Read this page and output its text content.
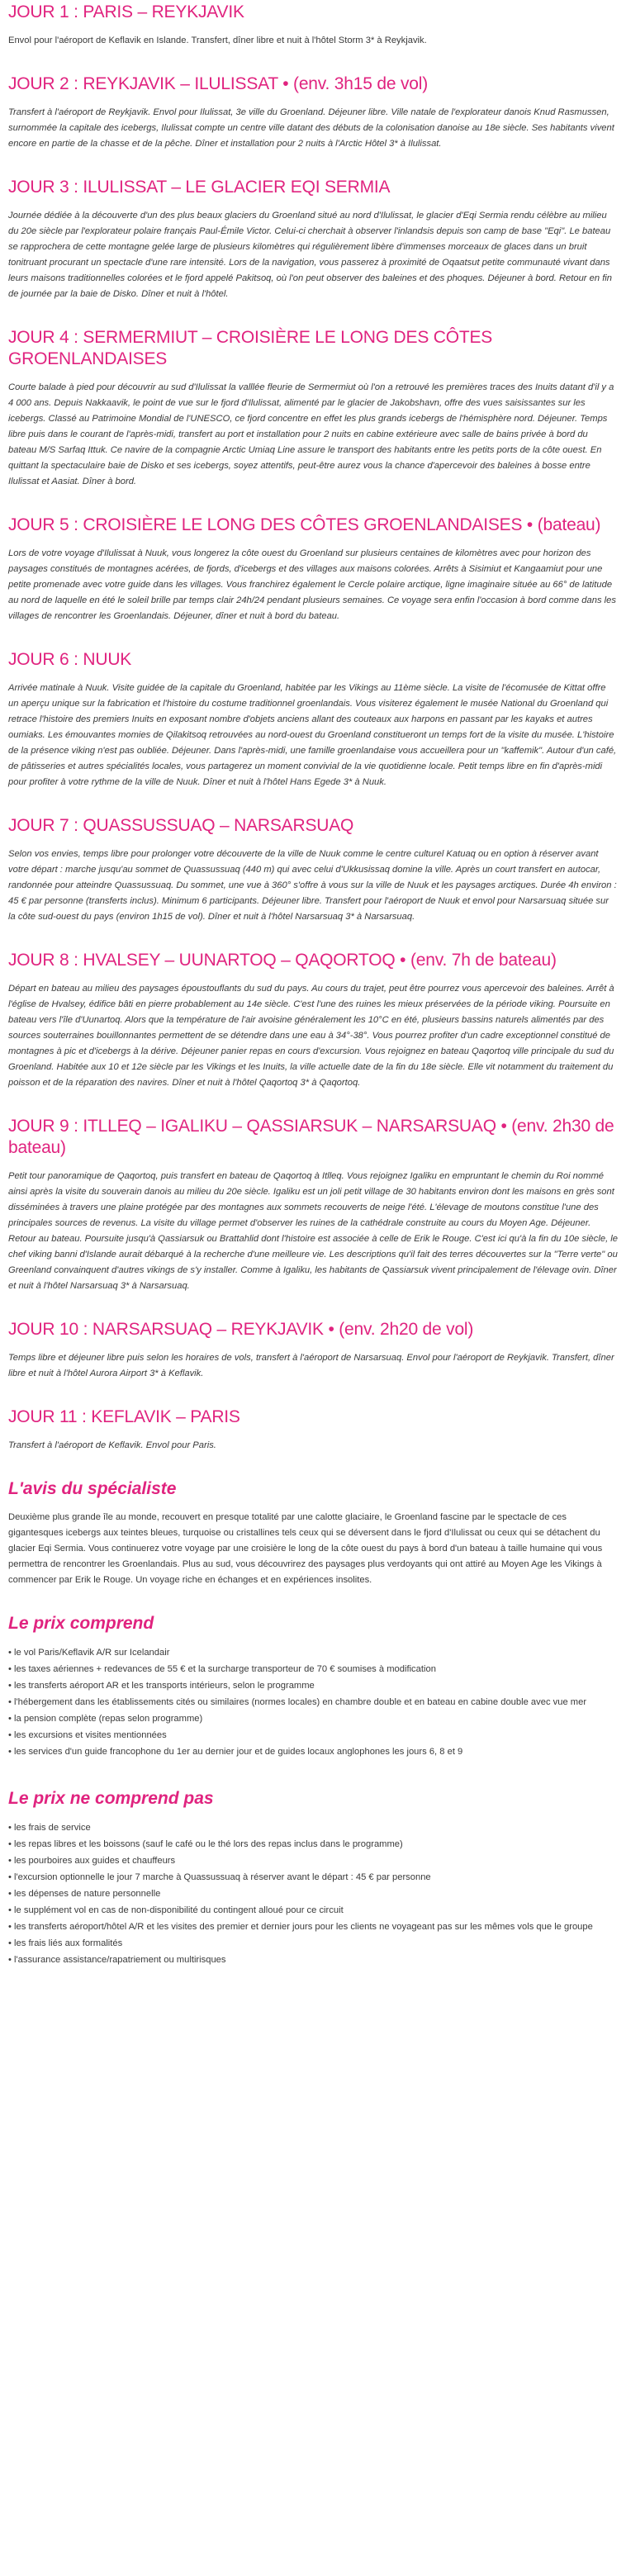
JOUR 1 : PARIS – REYKJAVIK

Envol pour l'aéroport de Keflavik en Islande. Transfert, dîner libre et nuit à l'hôtel Storm 3* à Reykjavik.

JOUR 2 : REYKJAVIK – ILULISSAT • (env. 3h15 de vol)

Transfert à l'aéroport de Reykjavik. Envol pour Ilulissat, 3e ville du Groenland. Déjeuner libre. Ville natale de l'explorateur danois Knud Rasmussen, surnommée la capitale des icebergs, Ilulissat compte un centre ville datant des débuts de la colonisation danoise au 18e siècle. Ses habitants vivent encore en partie de la chasse et de la pêche. Dîner et installation pour 2 nuits à l'Arctic Hôtel 3* à Ilulissat.

JOUR 3 : ILULISSAT – LE GLACIER EQI SERMIA

Journée dédiée à la découverte d'un des plus beaux glaciers du Groenland situé au nord d'Ilulissat, le glacier d'Eqi Sermia rendu célèbre au milieu du 20e siècle par l'explorateur polaire français Paul-Émile Victor. Celui-ci cherchait à observer l'inlandsis depuis son camp de base "Eqi". Le bateau se rapprochera de cette montagne gelée large de plusieurs kilomètres qui régulièrement libère d'immenses morceaux de glaces dans un bruit tonitruant procurant un spectacle d'une rare intensité. Lors de la navigation, vous passerez à proximité de Oqaatsut petite communauté vivant dans leurs maisons traditionnelles colorées et le fjord appelé Pakitsoq, où l'on peut observer des baleines et des phoques. Déjeuner à bord. Retour en fin de journée par la baie de Disko. Dîner et nuit à l'hôtel.

JOUR 4 : SERMERMIUT – CROISIÈRE LE LONG DES CÔTES GROENLANDAISES

Courte balade à pied pour découvrir au sud d'Ilulissat la valllée fleurie de Sermermiut où l'on a retrouvé les premières traces des Inuits datant d'il y a 4 000 ans. Depuis Nakkaavik, le point de vue sur le fjord d'Ilulissat, alimenté par le glacier de Jakobshavn, offre des vues saisissantes sur les icebergs. Classé au Patrimoine Mondial de l'UNESCO, ce fjord concentre en effet les plus grands icebergs de l'hémisphère nord. Déjeuner. Temps libre puis dans le courant de l'après-midi, transfert au port et installation pour 2 nuits en cabine extérieure avec salle de bains privée à bord du bateau M/S Sarfaq Ittuk. Ce navire de la compagnie Arctic Umiaq Line assure le transport des habitants entre les petits ports de la côte ouest. En quittant la spectaculaire baie de Disko et ses icebergs, soyez attentifs, peut-être aurez vous la chance d'apercevoir des baleines à bosse entre Ilulissat et Aasiat. Dîner à bord.

JOUR 5 : CROISIÈRE LE LONG DES CÔTES GROENLANDAISES • (bateau)

Lors de votre voyage d'Ilulissat à Nuuk, vous longerez la côte ouest du Groenland sur plusieurs centaines de kilomètres avec pour horizon des paysages constitués de montagnes acérées, de fjords, d'icebergs et des villages aux maisons colorées. Arrêts à Sisimiut et Kangaamiut pour une petite promenade avec votre guide dans les villages. Vous franchirez également le Cercle polaire arctique, ligne imaginaire située au 66° de latitude au nord de laquelle en été le soleil brille par temps clair 24h/24 pendant plusieurs semaines. Ce voyage sera enfin l'occasion à bord comme dans les villages de rencontrer les Groenlandais. Déjeuner, dîner et nuit à bord du bateau.

JOUR 6 : NUUK

Arrivée matinale à Nuuk. Visite guidée de la capitale du Groenland, habitée par les Vikings au 11ème siècle. La visite de l'écomusée de Kittat offre un aperçu unique sur la fabrication et l'histoire du costume traditionnel groenlandais. Vous visiterez également le musée National du Groenland qui retrace l'histoire des premiers Inuits en exposant nombre d'objets anciens allant des couteaux aux harpons en passant par les kayaks et autres oumiaks. Les émouvantes momies de Qilakitsoq retrouvées au nord-ouest du Groenland constitueront un temps fort de la visite du musée. L'histoire de la présence viking n'est pas oubliée. Déjeuner. Dans l'après-midi, une famille groenlandaise vous accueillera pour un "kaffemik". Autour d'un café, de pâtisseries et autres spécialités locales, vous partagerez un moment convivial de la vie quotidienne locale. Petit temps libre en fin d'après-midi pour profiter à votre rythme de la ville de Nuuk. Dîner et nuit à l'hôtel Hans Egede 3* à Nuuk.

JOUR 7 : QUASSUSSUAQ – NARSARSUAQ

Selon vos envies, temps libre pour prolonger votre découverte de la ville de Nuuk comme le centre culturel Katuaq ou en option à réserver avant votre départ : marche jusqu'au sommet de Quassussuaq (440 m) qui avec celui d'Ukkusissaq domine la ville. Après un court transfert en autocar, randonnée pour atteindre Quassussuaq. Du sommet, une vue à 360° s'offre à vous sur la ville de Nuuk et les paysages arctiques. Durée 4h environ : 45 € par personne (transferts inclus). Minimum 6 participants. Déjeuner libre. Transfert pour l'aéroport de Nuuk et envol pour Narsarsuaq située sur la côte sud-ouest du pays (environ 1h15 de vol). Dîner et nuit à l'hôtel Narsarsuaq 3* à Narsarsuaq.

JOUR 8 : HVALSEY – UUNARTOQ – QAQORTOQ • (env. 7h de bateau)

Départ en bateau au milieu des paysages époustouflants du sud du pays. Au cours du trajet, peut être pourrez vous apercevoir des baleines. Arrêt à l'église de Hvalsey, édifice bâti en pierre probablement au 14e siècle. C'est l'une des ruines les mieux préservées de la période viking. Poursuite en bateau vers l'île d'Uunartoq. Alors que la température de l'air avoisine généralement les 10°C en été, plusieurs bassins naturels alimentés par des sources souterraines bouillonnantes permettent de se détendre dans une eau à 34°-38°. Vous pourrez profiter d'un cadre exceptionnel constitué de montagnes à pic et d'icebergs à la dérive. Déjeuner panier repas en cours d'excursion. Vous rejoignez en bateau Qaqortoq ville principale du sud du Groenland. Habitée aux 10 et 12e siècle par les Vikings et les Inuits, la ville actuelle date de la fin du 18e siècle. Elle vit notamment du traitement du poisson et de la réparation des navires. Dîner et nuit à l'hôtel Qaqortoq 3* à Qaqortoq.

JOUR 9 : ITLLEQ – IGALIKU – QASSIARSUK – NARSARSUAQ • (env. 2h30 de bateau)

Petit tour panoramique de Qaqortoq, puis transfert en bateau de Qaqortoq à Itlleq. Vous rejoignez Igaliku en empruntant le chemin du Roi nommé ainsi après la visite du souverain danois au milieu du 20e siècle. Igaliku est un joli petit village de 30 habitants environ dont les maisons en grès sont disséminées à travers une plaine protégée par des montagnes aux sommets recouverts de neige l'été. L'élevage de moutons constitue l'une des principales sources de revenus. La visite du village permet d'observer les ruines de la cathédrale construite au cours du Moyen Age. Déjeuner. Retour au bateau. Poursuite jusqu'à Qassiarsuk ou Brattahlid dont l'histoire est associée à celle de Erik le Rouge. C'est ici qu'à la fin du 10e siècle, le chef viking banni d'Islande aurait débarqué à la recherche d'une meilleure vie. Les descriptions qu'il fait des terres découvertes sur la "Terre verte" ou Greenland convainquent d'autres vikings de s'y installer. Comme à Igaliku, les habitants de Qassiarsuk vivent principalement de l'élevage ovin. Dîner et nuit à l'hôtel Narsarsuaq 3* à Narsarsuaq.

JOUR 10 : NARSARSUAQ – REYKJAVIK • (env. 2h20 de vol)

Temps libre et déjeuner libre puis selon les horaires de vols, transfert à l'aéroport de Narsarsuaq. Envol pour l'aéroport de Reykjavik. Transfert, dîner libre et nuit à l'hôtel Aurora Airport 3* à Keflavik.

JOUR 11 : KEFLAVIK – PARIS

Transfert à l'aéroport de Keflavik. Envol pour Paris.

L'avis du spécialiste

Deuxième plus grande île au monde, recouvert en presque totalité par une calotte glaciaire, le Groenland fascine par le spectacle de ces gigantesques icebergs aux teintes bleues, turquoise ou cristallines tels ceux qui se déversent dans le fjord d'Ilulissat ou ceux qui se détachent du glacier Eqi Sermia. Vous continuerez votre voyage par une croisière le long de la côte ouest du pays à bord d'un bateau à taille humaine qui vous permettra de rencontrer les Groenlandais. Plus au sud, vous découvrirez des paysages plus verdoyants qui ont attiré au Moyen Age les Vikings à commencer par Erik le Rouge. Un voyage riche en échanges et en expériences insolites.

Le prix comprend
• le vol Paris/Keflavik A/R sur Icelandair
• les taxes aériennes + redevances de 55 € et la surcharge transporteur de 70 € soumises à modification
• les transferts aéroport AR et les transports intérieurs, selon le programme
• l'hébergement dans les établissements cités ou similaires (normes locales) en chambre double et en bateau en cabine double avec vue mer
• la pension complète (repas selon programme)
• les excursions et visites mentionnées
• les services d'un guide francophone du 1er au dernier jour et de guides locaux anglophones les jours 6, 8 et 9
Le prix ne comprend pas
• les frais de service
• les repas libres et les boissons (sauf le café ou le thé lors des repas inclus dans le programme)
• les pourboires aux guides et chauffeurs
• l'excursion optionnelle le jour 7 marche à Quassussuaq à réserver avant le départ : 45 € par personne
• les dépenses de nature personnelle
• le supplément vol en cas de non-disponibilité du contingent alloué pour ce circuit
• les transferts aéroport/hôtel A/R et les visites des premier et dernier jours pour les clients ne voyageant pas sur les mêmes vols que le groupe
• les frais liés aux formalités
• l'assurance assistance/rapatriement ou multirisques
